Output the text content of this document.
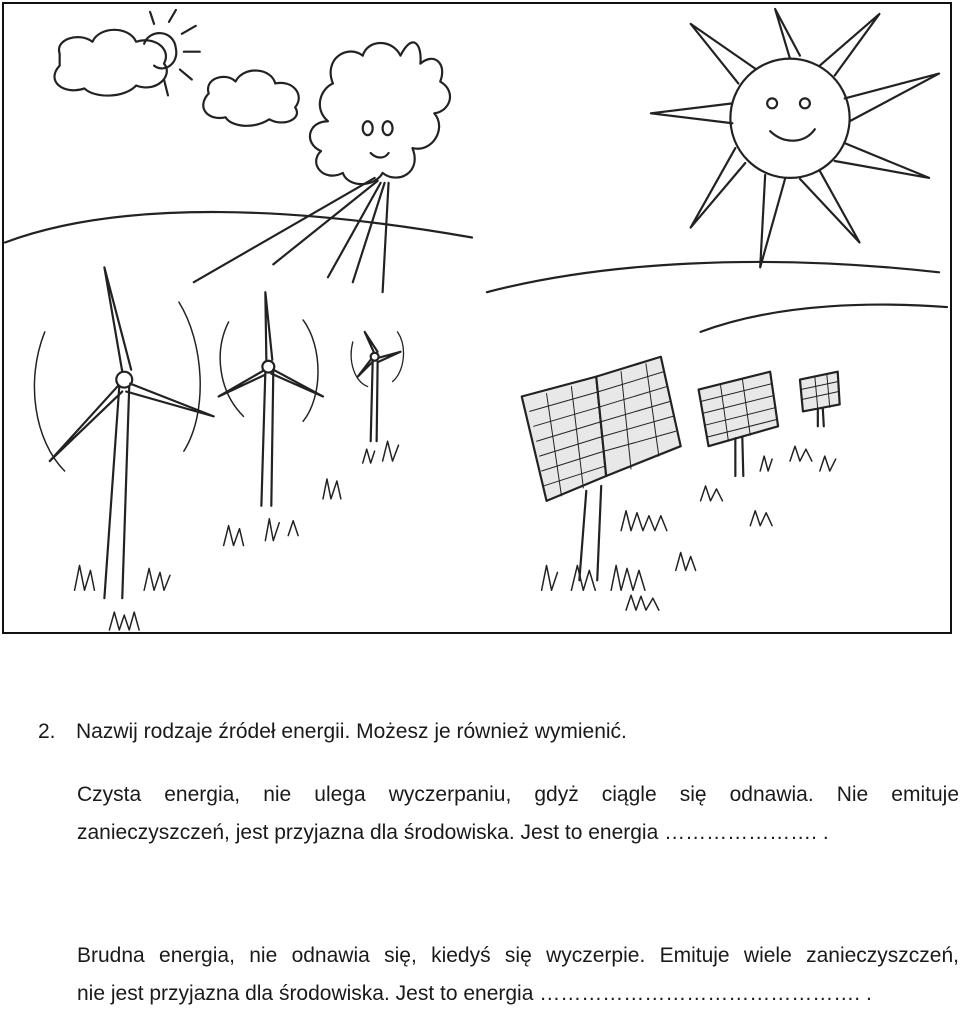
2. Nazwij rodzaje źródeł energii. Możesz je również wymienić.
Czysta energia, nie ulega wyczerpaniu, gdyż ciągle się odnawia. Nie emituje
zanieczyszczeń, jest przyjazna dla środowiska. Jest to energia …………………. .
Brudna energia, nie odnawia się, kiedyś się wyczerpie. Emituje wiele zanieczyszczeń,
nie jest przyjazna dla środowiska. Jest to energia ………………………………………. .
